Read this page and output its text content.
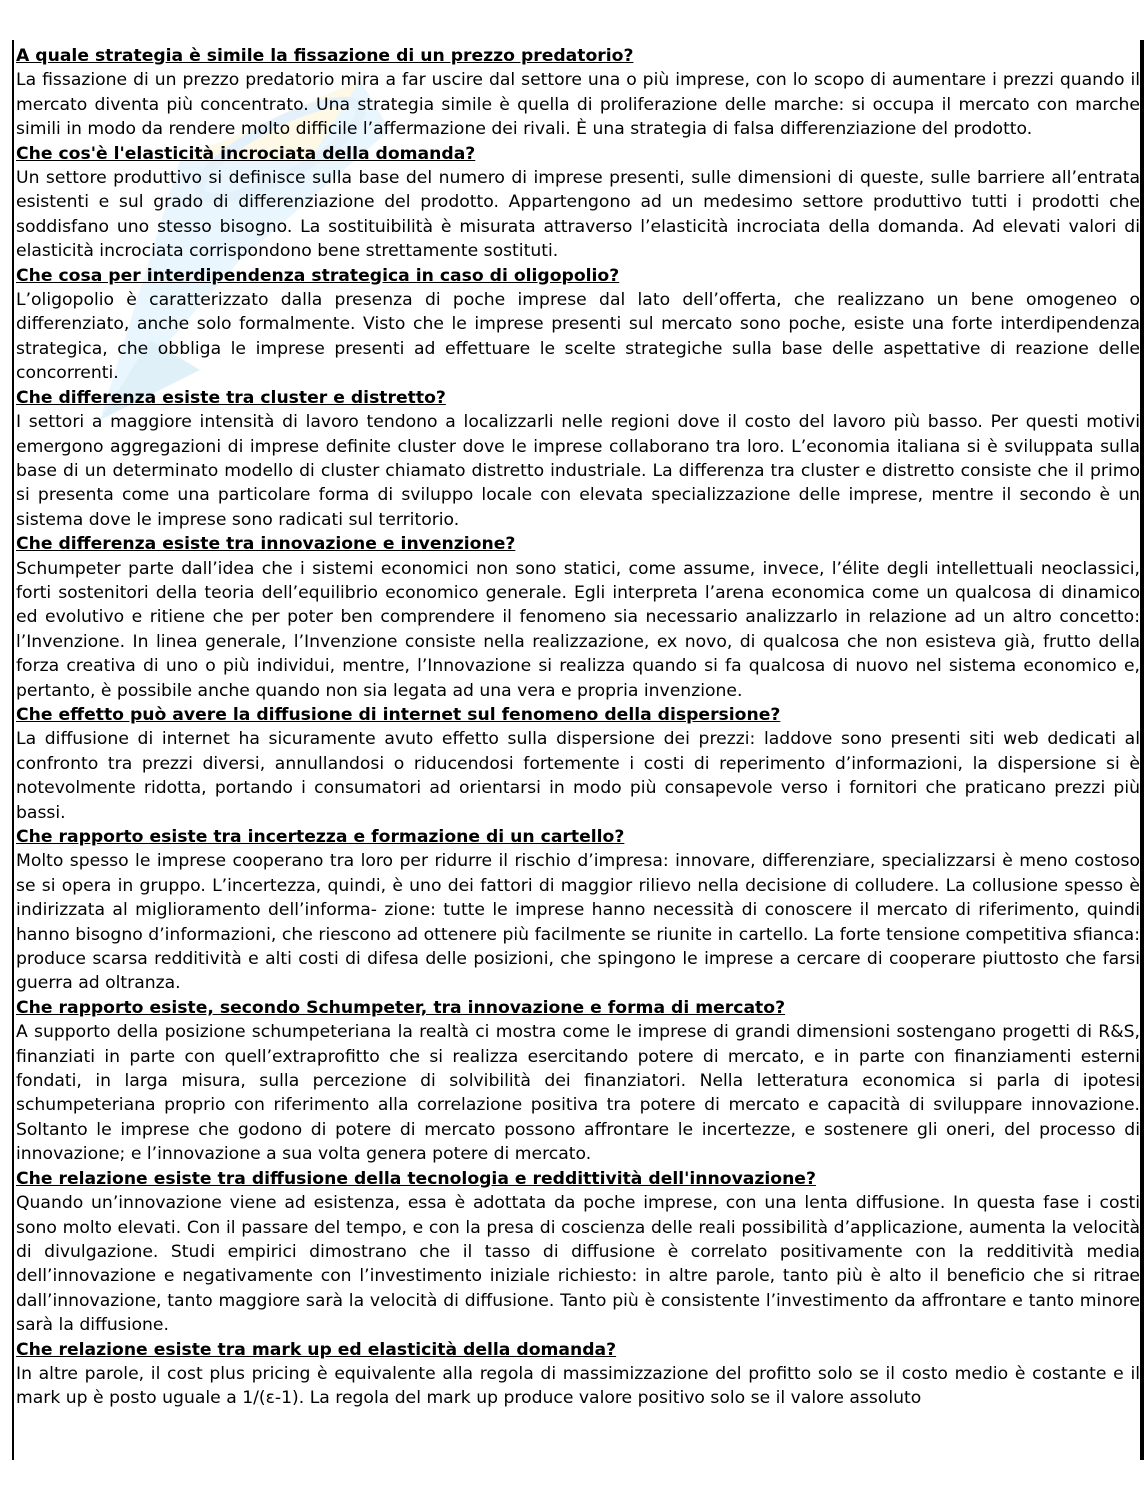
A quale strategia è simile la fissazione di un prezzo predatorio?

La fissazione di un prezzo predatorio mira a far uscire dal settore una o più imprese, con lo scopo di aumentare i prezzi quando il mercato diventa più concentrato. Una strategia simile è quella di proliferazione delle marche: si occupa il mercato con marche simili in modo da rendere molto difficile l’affermazione dei rivali. È una strategia di falsa differenziazione del prodotto.

Che cos'è l'elasticità incrociata della domanda?

Un settore produttivo si definisce sulla base del numero di imprese presenti, sulle dimensioni di queste, sulle barriere all’entrata esistenti e sul grado di differenziazione del prodotto. Appartengono ad un medesimo settore produttivo tutti i prodotti che soddisfano uno stesso bisogno. La sostituibilità è misurata attraverso l’elasticità incrociata della domanda. Ad elevati valori di elasticità incrociata corrispondono bene strettamente sostituti.

Che cosa per interdipendenza strategica in caso di oligopolio?

L’oligopolio è caratterizzato dalla presenza di poche imprese dal lato dell’offerta, che realizzano un bene omogeneo o differenziato, anche solo formalmente. Visto che le imprese presenti sul mercato sono poche, esiste una forte interdipendenza strategica, che obbliga le imprese presenti ad effettuare le scelte strategiche sulla base delle aspettative di reazione delle concorrenti.

Che differenza esiste tra cluster e distretto?

I settori a maggiore intensità di lavoro tendono a localizzarli nelle regioni dove il costo del lavoro più basso. Per questi motivi emergono aggregazioni di imprese definite cluster dove le imprese collaborano tra loro. L’economia italiana si è sviluppata sulla base di un determinato modello di cluster chiamato distretto industriale. La differenza tra cluster e distretto consiste che il primo si presenta come una particolare forma di sviluppo locale con elevata specializzazione delle imprese, mentre il secondo è un sistema dove le imprese sono radicati sul territorio.

Che differenza esiste tra innovazione e invenzione?

Schumpeter parte dall’idea che i sistemi economici non sono statici, come assume, invece, l’élite degli intellettuali neoclassici, forti sostenitori della teoria dell’equilibrio economico generale. Egli interpreta l’arena economica come un qualcosa di dinamico ed evolutivo e ritiene che per poter ben comprendere il fenomeno sia necessario analizzarlo in relazione ad un altro concetto: l’Invenzione. In linea generale, l’Invenzione consiste nella realizzazione, ex novo, di qualcosa che non esisteva già, frutto della forza creativa di uno o più individui, mentre, l’Innovazione si realizza quando si fa qualcosa di nuovo nel sistema economico e, pertanto, è possibile anche quando non sia legata ad una vera e propria invenzione.

Che effetto può avere la diffusione di internet sul fenomeno della dispersione?

La diffusione di internet ha sicuramente avuto effetto sulla dispersione dei prezzi: laddove sono presenti siti web dedicati al confronto tra prezzi diversi, annullandosi o riducendosi fortemente i costi di reperimento d’informazioni, la dispersione si è notevolmente ridotta, portando i consumatori ad orientarsi in modo più consapevole verso i fornitori che praticano prezzi più bassi.

Che rapporto esiste tra incertezza e formazione di un cartello?

Molto spesso le imprese cooperano tra loro per ridurre il rischio d’impresa: innovare, differenziare, specializzarsi è meno costoso se si opera in gruppo. L’incertezza, quindi, è uno dei fattori di maggior rilievo nella decisione di colludere. La collusione spesso è indirizzata al miglioramento dell’informa- zione: tutte le imprese hanno necessità di conoscere il mercato di riferimento, quindi hanno bisogno d’informazioni, che riescono ad ottenere più facilmente se riunite in cartello. La forte tensione competitiva sfianca: produce scarsa redditività e alti costi di difesa delle posizioni, che spingono le imprese a cercare di cooperare piuttosto che farsi guerra ad oltranza.

Che rapporto esiste, secondo Schumpeter, tra innovazione e forma di mercato?

A supporto della posizione schumpeteriana la realtà ci mostra come le imprese di grandi dimensioni sostengano progetti di R&S, finanziati in parte con quell’extraprofitto che si realizza esercitando potere di mercato, e in parte con finanziamenti esterni fondati, in larga misura, sulla percezione di solvibilità dei finanziatori. Nella letteratura economica si parla di ipotesi schumpeteriana proprio con riferimento alla correlazione positiva tra potere di mercato e capacità di sviluppare innovazione. Soltanto le imprese che godono di potere di mercato possono affrontare le incertezze, e sostenere gli oneri, del processo di innovazione; e l’innovazione a sua volta genera potere di mercato.

Che relazione esiste tra diffusione della tecnologia e reddittività dell'innovazione?

Quando un’innovazione viene ad esistenza, essa è adottata da poche imprese, con una lenta diffusione. In questa fase i costi sono molto elevati. Con il passare del tempo, e con la presa di coscienza delle reali possibilità d’applicazione, aumenta la velocità di divulgazione. Studi empirici dimostrano che il tasso di diffusione è correlato positivamente con la redditività media dell’innovazione e negativamente con l’investimento iniziale richiesto: in altre parole, tanto più è alto il beneficio che si ritrae dall’innovazione, tanto maggiore sarà la velocità di diffusione. Tanto più è consistente l’investimento da affrontare e tanto minore sarà la diffusione.

Che relazione esiste tra mark up ed elasticità della domanda?

In altre parole, il cost plus pricing è equivalente alla regola di massimizzazione del profitto solo se il costo medio è costante e il mark up è posto uguale a 1/(ε-1). La regola del mark up produce valore positivo solo se il valore assoluto
